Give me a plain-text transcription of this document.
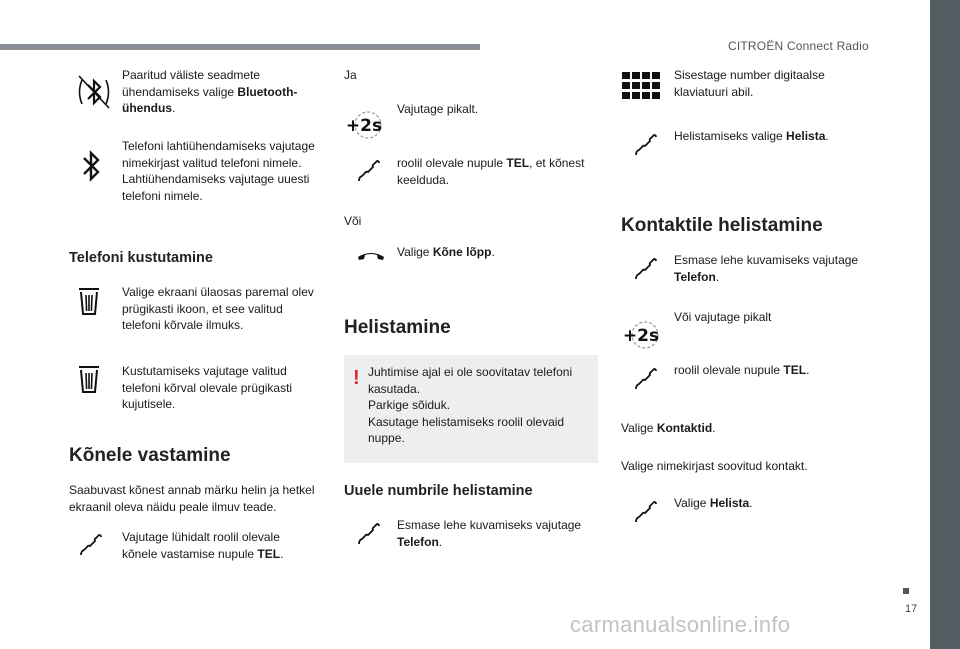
CITROËN Connect Radio
17
carmanualsonline.info
Paaritud väliste seadmete ühendamiseks valige Bluetooth-ühendus.
Telefoni lahtiühendamiseks vajutage nimekirjast valitud telefoni nimele. Lahtiühendamiseks vajutage uuesti telefoni nimele.
Telefoni kustutamine
Valige ekraani ülaosas paremal olev prügikasti ikoon, et see valitud telefoni kõrvale ilmuks.
Kustutamiseks vajutage valitud telefoni kõrval olevale prügikasti kujutisele.
Kõnele vastamine
Saabuvast kõnest annab märku helin ja hetkel ekraanil oleva näidu peale ilmuv teade.
Vajutage lühidalt roolil olevale kõnele vastamise nupule TEL.
Ja
+2s
Vajutage pikalt.
roolil olevale nupule TEL, et kõnest keelduda.
Või
Valige Kõne lõpp.
Helistamine
! Juhtimise ajal ei ole soovitatav telefoni kasutada.
Parkige sõiduk.
Kasutage helistamiseks roolil olevaid nuppe.
Uuele numbrile helistamine
Esmase lehe kuvamiseks vajutage Telefon.
Sisestage number digitaalse klaviatuuri abil.
Helistamiseks valige Helista.
Kontaktile helistamine
Esmase lehe kuvamiseks vajutage Telefon.
+2s
Või vajutage pikalt
roolil olevale nupule TEL.
Valige Kontaktid.
Valige nimekirjast soovitud kontakt.
Valige Helista.
